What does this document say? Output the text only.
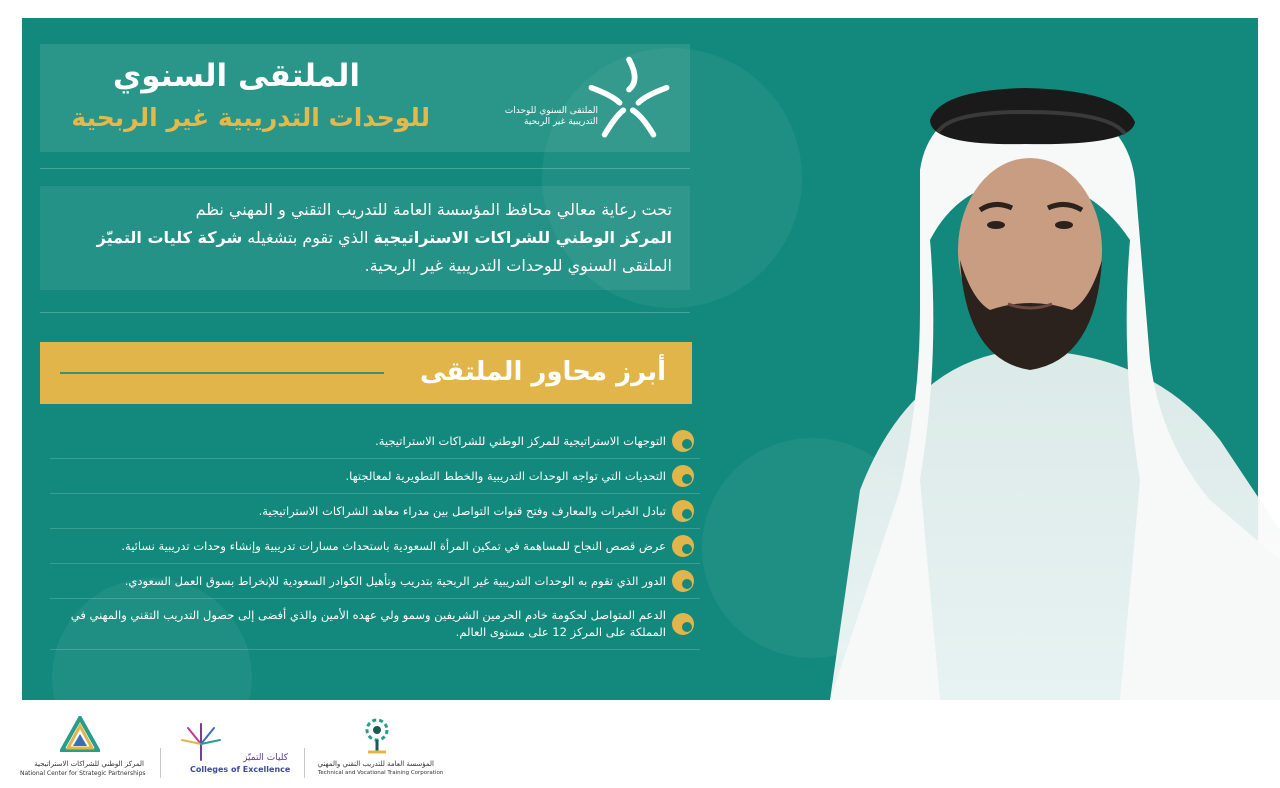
الملتقى السنوي
للوحدات التدريبية غير الربحية	الملتقى السنوي للوحدات التدريبية غير الربحية
تحت رعاية معالي محافظ المؤسسة العامة للتدريب التقني و المهني نظم
المركز الوطني للشراكات الاستراتيجية الذي تقوم بتشغيله شركة كليات التميّز
الملتقى السنوي للوحدات التدريبية غير الربحية.
أبرز محاور الملتقى
التوجهات الاستراتيجية للمركز الوطني للشراكات الاستراتيجية.
التحديات التي تواجه الوحدات التدريبية والخطط التطويرية لمعالجتها.
تبادل الخبرات والمعارف وفتح قنوات التواصل بين مدراء معاهد الشراكات الاستراتيجية.
عرض قصص النجاح للمساهمة في تمكين المرأة السعودية باستحداث مسارات تدريبية وإنشاء وحدات تدريبية نسائية.
الدور الذي تقوم به الوحدات التدريبية غير الربحية بتدريب وتأهيل الكوادر السعودية للإنخراط بسوق العمل السعودي.
الدعم المتواصل لحكومة خادم الحرمين الشريفين وسمو ولي عهده الأمين والذي أفضى إلى حصول التدريب التقني والمهني في المملكة على المركز 12 على مستوى العالم.
المركز الوطني للشراكات الاستراتيجية
National Center for Strategic Partnerships
كليات التميّز
Colleges of Excellence
المؤسسة العامة للتدريب التقني والمهني
Technical and Vocational Training Corporation
